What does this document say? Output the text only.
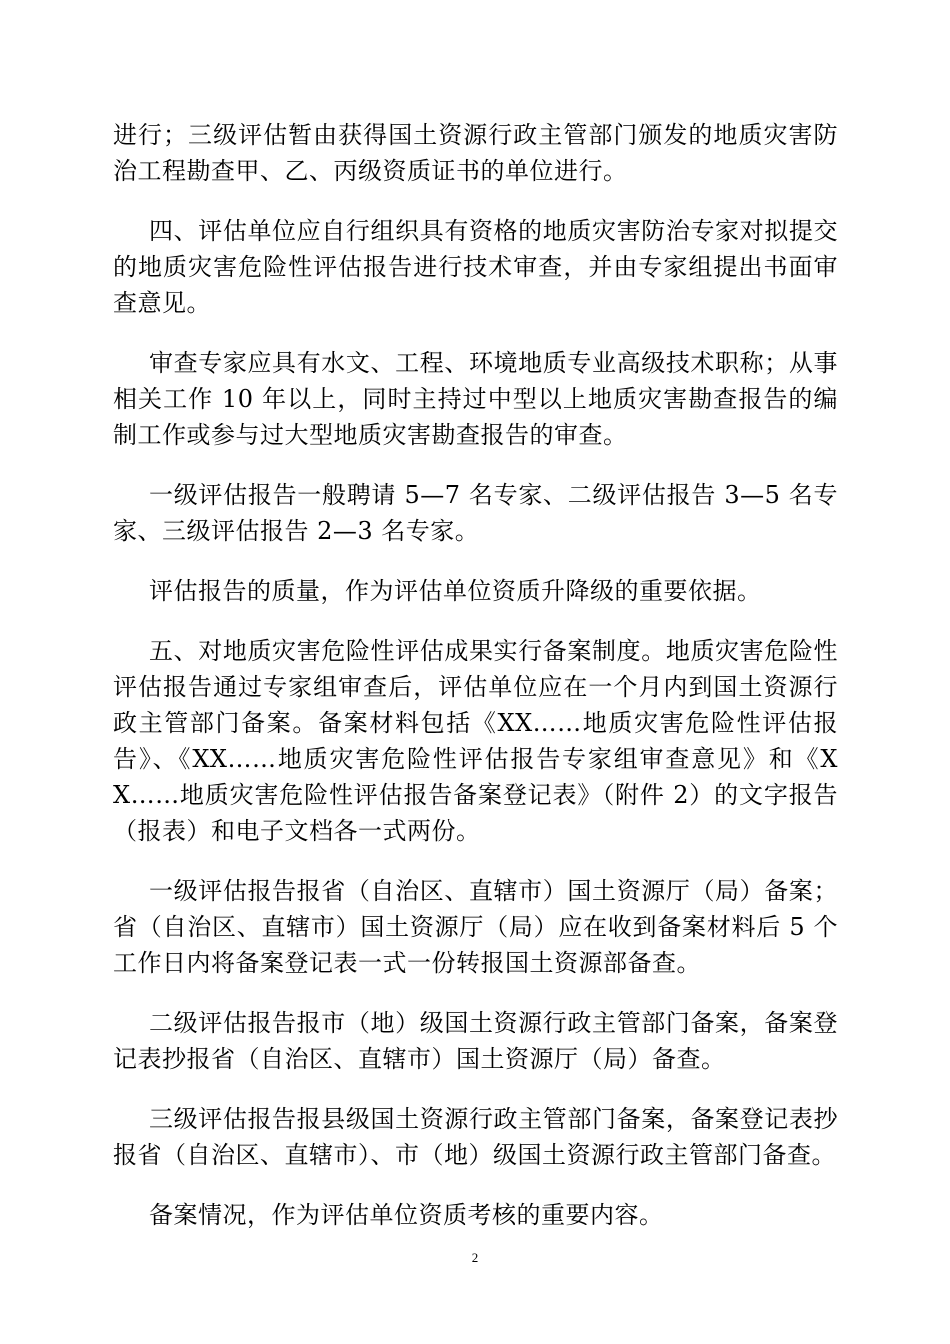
进行；三级评估暂由获得国土资源行政主管部门颁发的地质灾害防治工程勘查甲、乙、丙级资质证书的单位进行。

四、评估单位应自行组织具有资格的地质灾害防治专家对拟提交的地质灾害危险性评估报告进行技术审查，并由专家组提出书面审查意见。

审查专家应具有水文、工程、环境地质专业高级技术职称；从事相关工作 10 年以上，同时主持过中型以上地质灾害勘查报告的编制工作或参与过大型地质灾害勘查报告的审查。

一级评估报告一般聘请 5—7 名专家、二级评估报告 3—5 名专家、三级评估报告 2—3 名专家。

评估报告的质量，作为评估单位资质升降级的重要依据。

五、对地质灾害危险性评估成果实行备案制度。地质灾害危险性评估报告通过专家组审查后，评估单位应在一个月内到国土资源行政主管部门备案。备案材料包括《XX……地质灾害危险性评估报告》、《XX……地质灾害危险性评估报告专家组审查意见》和《XX……地质灾害危险性评估报告备案登记表》（附件 2）的文字报告（报表）和电子文档各一式两份。

一级评估报告报省（自治区、直辖市）国土资源厅（局）备案；省（自治区、直辖市）国土资源厅（局）应在收到备案材料后 5 个工作日内将备案登记表一式一份转报国土资源部备查。

二级评估报告报市（地）级国土资源行政主管部门备案，备案登记表抄报省（自治区、直辖市）国土资源厅（局）备查。

三级评估报告报县级国土资源行政主管部门备案，备案登记表抄报省（自治区、直辖市）、市（地）级国土资源行政主管部门备查。

备案情况，作为评估单位资质考核的重要内容。

2
